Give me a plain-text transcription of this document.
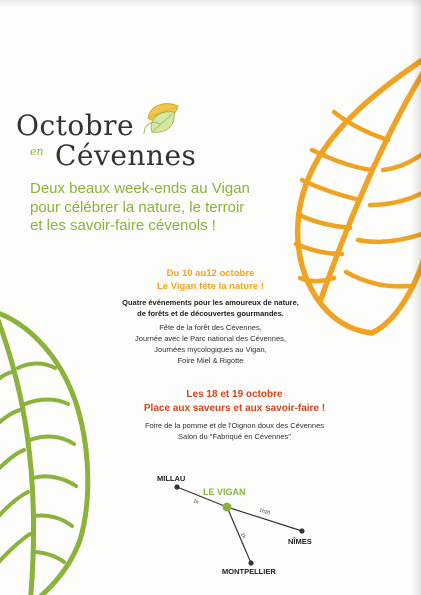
Octobre
en Cévennes
Deux beaux week-ends au Vigan
pour célébrer la nature, le terroir
et les savoir-faire cévenols !
Du 10 au12 octobre
Le Vigan fête la nature !
Quatre événements pour les amoureux de nature,
de forêts et de découvertes gourmandes.
Fête de la forêt des Cévennes,
Journée avec le Parc national des Cévennes,
Journées mycologiques au Vigan,
Foire Miel & Rigotte
Les 18 et 19 octobre
Place aux saveurs et aux savoir-faire !
Foire de la pomme et de l'Oignon doux des Cévennes
Salon du "Fabriqué en Cévennes"
MILLAU
LE VIGAN
NÎMES
MONTPELLIER
1h
1h20
1h
